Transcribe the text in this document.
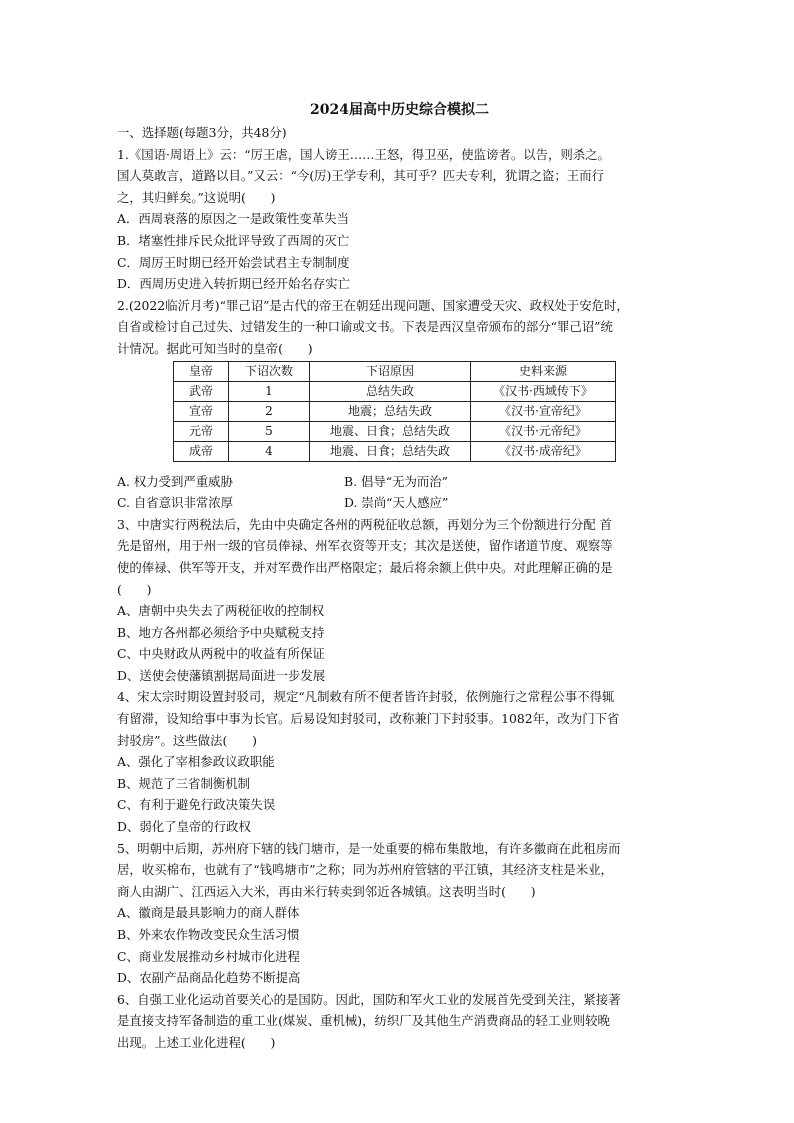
2024届高中历史综合模拟二
一、选择题(每题3分，共48分)
1.《国语·周语上》云：“厉王虐，国人谤王……王怒，得卫巫，使监谤者。以告，则杀之。
国人莫敢言，道路以目。”又云：“今(厉)王学专利，其可乎？匹夫专利，犹谓之盗；王而行
之，其归鲜矣。”这说明(　　)
A．西周衰落的原因之一是政策性变革失当
B．堵塞性排斥民众批评导致了西周的灭亡
C．周厉王时期已经开始尝试君主专制制度
D．西周历史进入转折期已经开始名存实亡
2.(2022临沂月考)“罪己诏”是古代的帝王在朝廷出现问题、国家遭受天灾、政权处于安危时，
自省或检讨自己过失、过错发生的一种口谕或文书。下表是西汉皇帝颁布的部分“罪己诏”统
计情况。据此可知当时的皇帝(　　)
皇帝	下诏次数	下诏原因	史料来源
武帝	1	总结失政	《汉书·西域传下》
宣帝	2	地震；总结失政	《汉书·宣帝纪》
元帝	5	地震、日食；总结失政	《汉书·元帝纪》
成帝	4	地震、日食；总结失政	《汉书·成帝纪》
A. 权力受到严重威胁	B. 倡导“无为而治”
C. 自省意识非常浓厚	D. 崇尚“天人感应”
3、中唐实行两税法后，先由中央确定各州的两税征收总额，再划分为三个份额进行分配 首
先是留州，用于州一级的官员俸禄、州军衣资等开支；其次是送使，留作诸道节度、观察等
使的俸禄、供军等开支，并对军费作出严格限定；最后将余额上供中央。对此理解正确的是
(　　)
A、唐朝中央失去了两税征收的控制权
B、地方各州都必须给予中央赋税支持
C、中央财政从两税中的收益有所保证
D、送使会使藩镇割据局面进一步发展
4、宋太宗时期设置封驳司，规定“凡制敕有所不便者皆许封驳，依例施行之常程公事不得辄
有留滞，设知给事中事为长官。后易设知封驳司，改称兼门下封驳事。1082年，改为门下省
封驳房”。这些做法(　　)
A、强化了宰相参政议政职能
B、规范了三省制衡机制
C、有利于避免行政决策失误
D、弱化了皇帝的行政权
5、明朝中后期，苏州府下辖的钱门塘市，是一处重要的棉布集散地，有许多徽商在此租房而
居，收买棉布，也就有了“钱鸣塘市”之称；同为苏州府管辖的平江镇，其经济支柱是米业，
商人由湖广、江西运入大米，再由米行转卖到邻近各城镇。这表明当时(　　)
A、徽商是最具影响力的商人群体
B、外来农作物改变民众生活习惯
C、商业发展推动乡村城市化进程
D、农副产品商品化趋势不断提高
6、自强工业化运动首要关心的是国防。因此，国防和军火工业的发展首先受到关注，紧接著
是直接支持军备制造的重工业(煤炭、重机械)，纺织厂及其他生产消费商品的轻工业则较晚
出现。上述工业化进程(　　)
